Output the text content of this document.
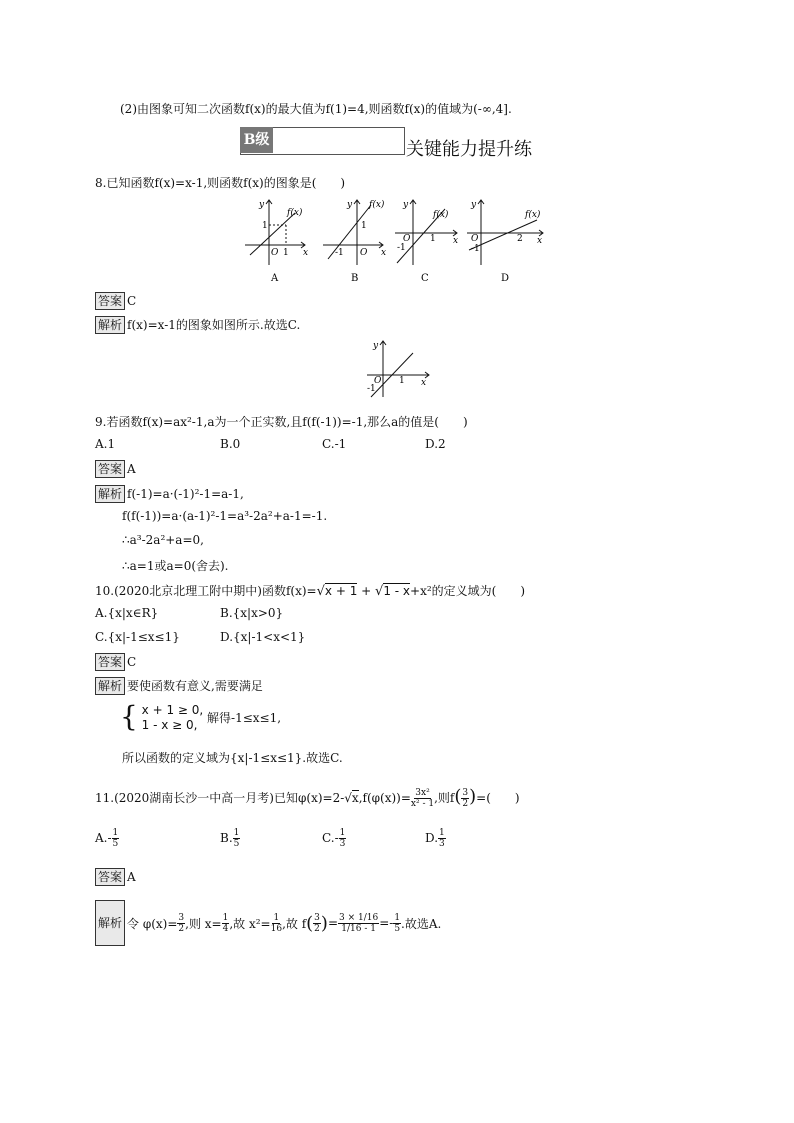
(2)由图象可知二次函数f(x)的最大值为f(1)=4,则函数f(x)的值域为(-∞,4].
B级	关键能力提升练
8.已知函数f(x)=x-1,则函数f(x)的图象是(　　)
y
f(x)
1
O 1 x
A
y f(x)
1
-1 O x
B
y
f(x)
O 1
-1
x
C
y
f(x)
O	2
-1
x
D
答案 C
解析 f(x)=x-1的图象如图所示.故选C.
y
O 1
-1
x
9.若函数f(x)=ax²-1,a为一个正实数,且f(f(-1))=-1,那么a的值是(　　)
A.1	B.0	C.-1	D.2
答案 A
解析 f(-1)=a·(-1)²-1=a-1,
f(f(-1))=a·(a-1)²-1=a³-2a²+a-1=-1.
∴a³-2a²+a=0,
∴a=1或a=0(舍去).
10.(2020北京北理工附中期中)函数f(x)=√x + 1 + √1 - x+x²的定义域为(　　)
A.{x|x∈R}	B.{x|x>0}
C.{x|-1≤x≤1}	D.{x|-1<x<1}
答案 C
解析 要使函数有意义,需要满足
{ x + 1 ≥ 0,
1 - x ≥ 0, 解得-1≤x≤1,
所以函数的定义域为{x|-1≤x≤1}.故选C.
11.(2020湖南长沙一中高一月考)已知$\varphi(x)=2-√x,f(\varphi(x))= \frac{\text{3x²}}{\text{x² - 1}}$ ,则$f( \frac{3}{2}$ )=(　　)
$A.- \frac{1}{5}$	B. $\frac{1}{5}$	$C.- \frac{1}{3}$	D. $\frac{1}{3}$
答案 A
解析 令 $\varphi(x)= \frac{3}{2}$ ,则 $x= \frac{1}{4}$ ,故 $x^2= \frac{1}{16}$ ,故 f ( $\frac{3}{2}$ ) = $\frac{3 \times 1/16}{1/16 - 1} =- \frac{1}{5}$ .故选A.
